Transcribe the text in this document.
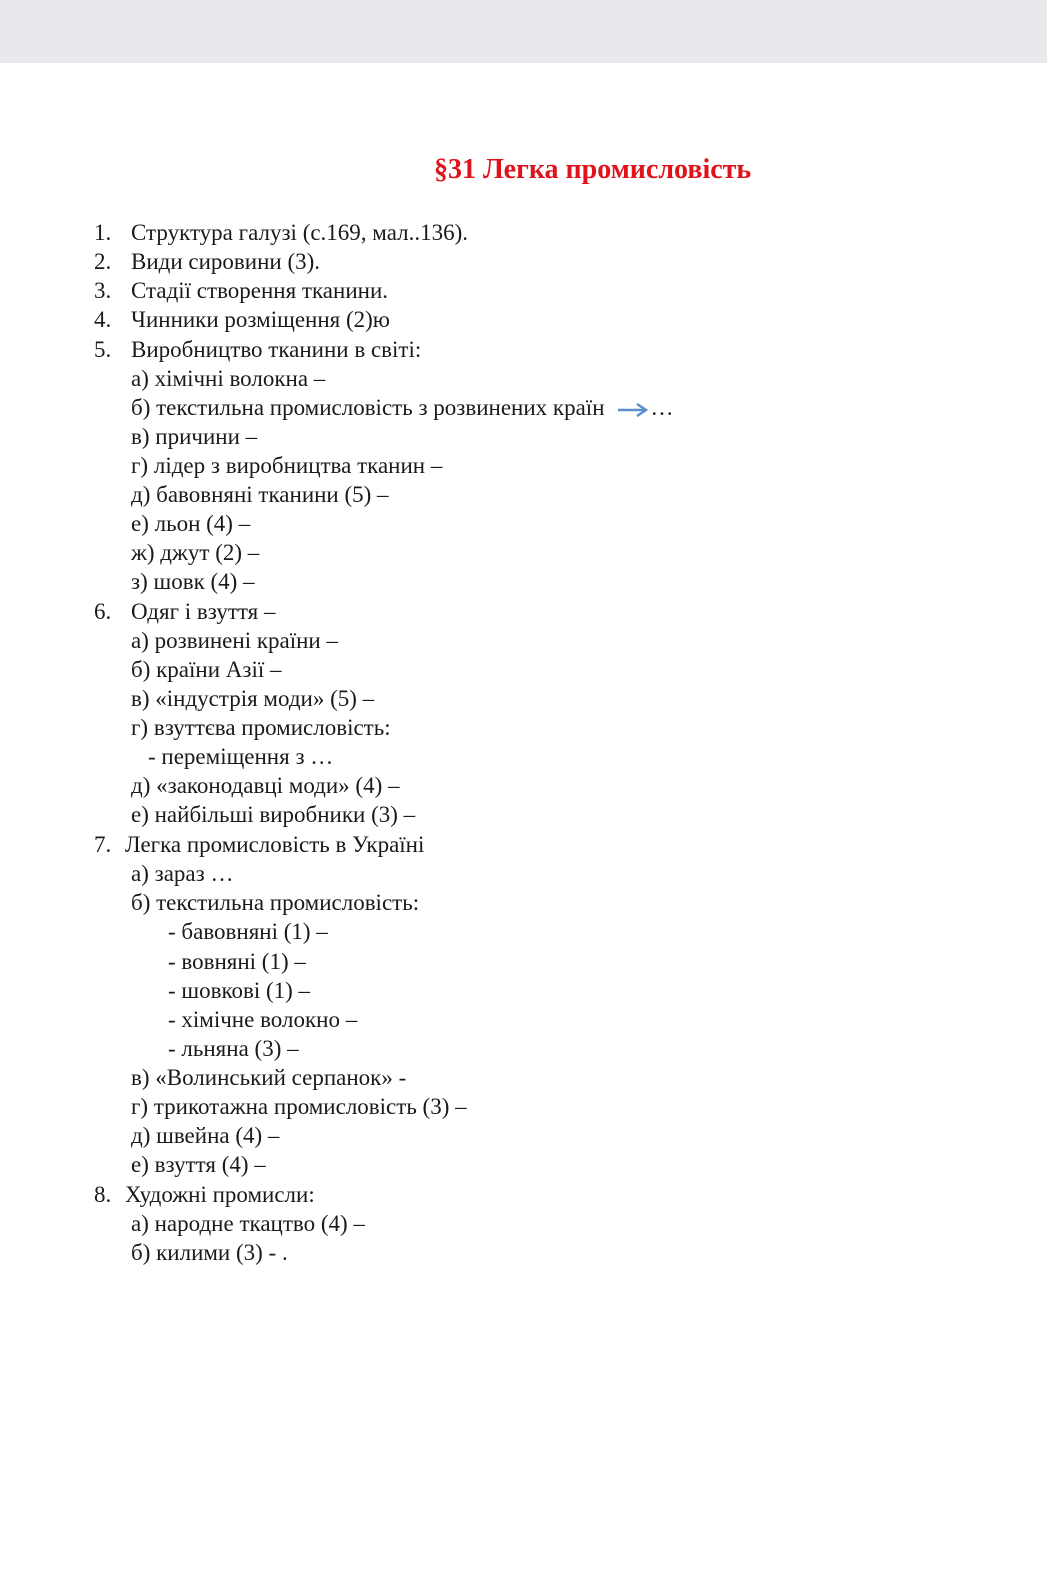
§31 Легка промисловість
1. Структура галузі (с.169, мал..136).
2. Види сировини (3).
3. Стадії створення тканини.
4. Чинники розміщення (2)ю
5. Виробництво тканини в світі:
а) хімічні волокна –
б) текстильна промисловість з розвинених країн …
в) причини –
г) лідер з виробництва тканин –
д) бавовняні тканини (5) –
е) льон (4) –
ж) джут (2) –
з) шовк (4) –
6. Одяг і взуття –
а) розвинені країни –
б) країни Азії –
в) «індустрія моди» (5) –
г) взуттєва промисловість:
- переміщення з …
д) «законодавці моди» (4) –
е) найбільші виробники (3) –
7. Легка промисловість в Україні
а) зараз …
б) текстильна промисловість:
- бавовняні (1) –
- вовняні (1) –
- шовкові (1) –
- хімічне волокно –
- льняна (3) –
в) «Волинський серпанок» -
г) трикотажна промисловість (3) –
д) швейна (4) –
е) взуття (4) –
8. Художні промисли:
а) народне ткацтво (4) –
б) килими (3) - .
